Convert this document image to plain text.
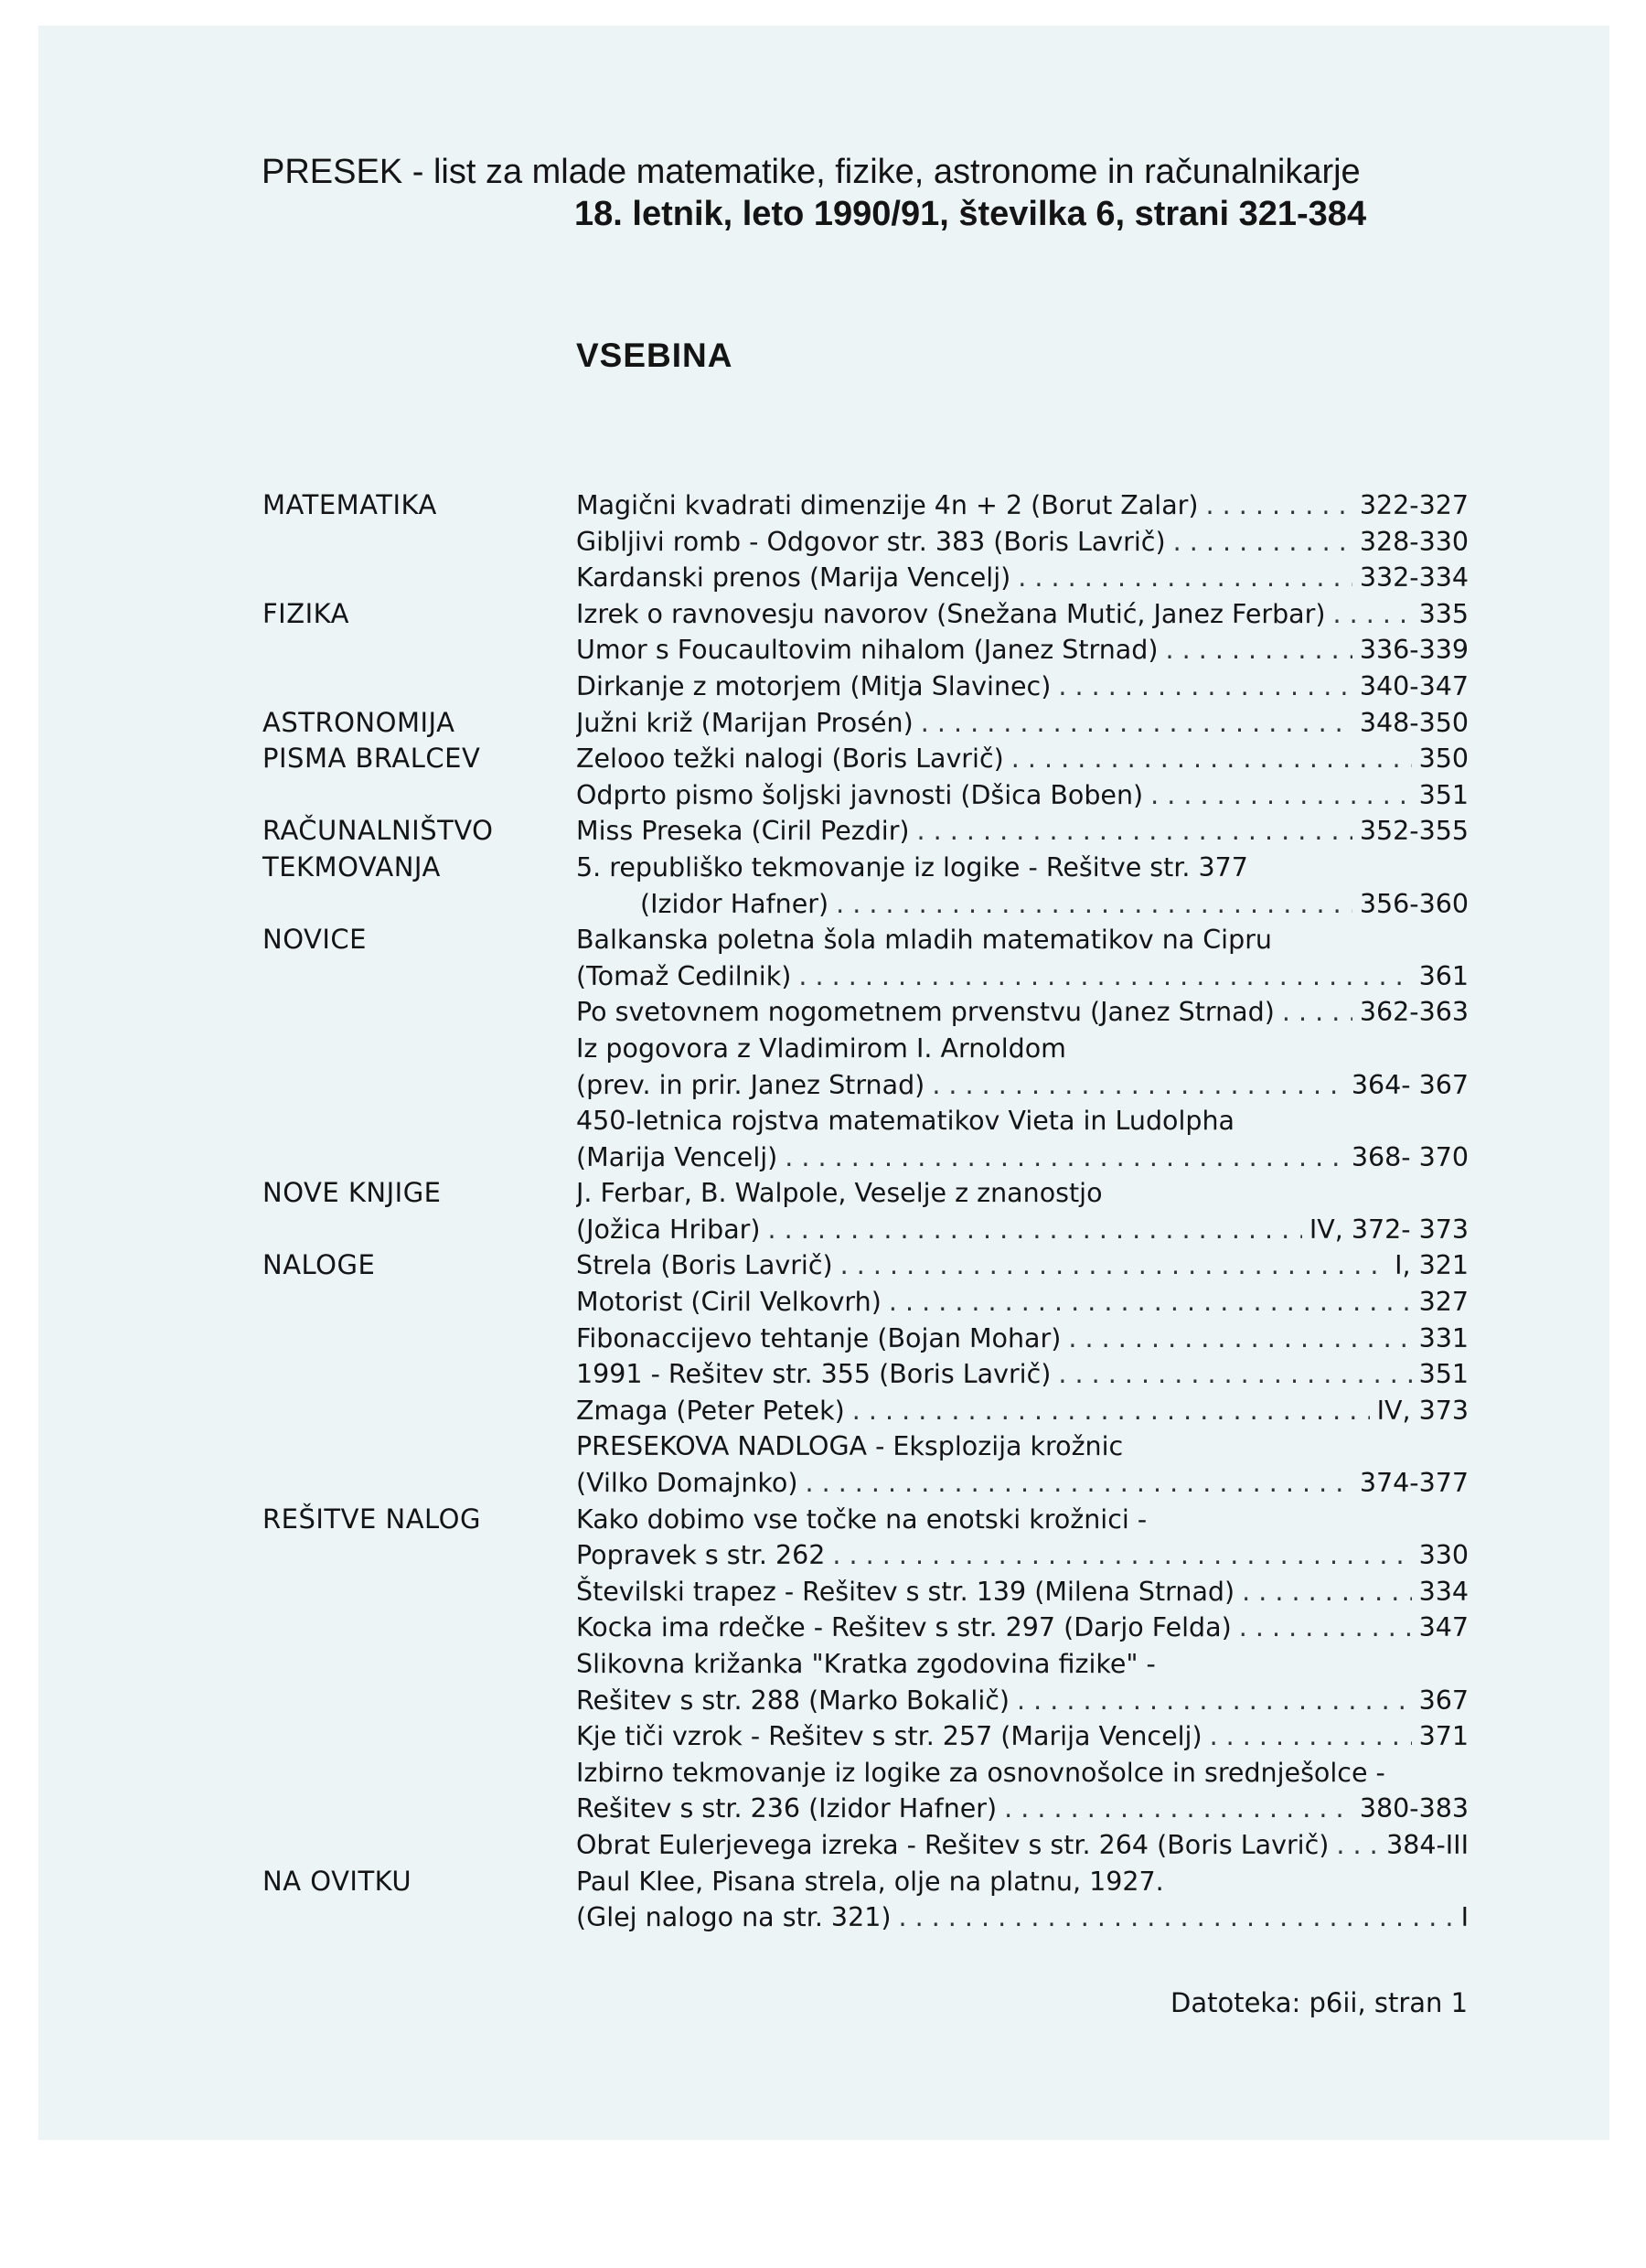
PRESEK - list za mlade matematike, fizike, astronome in računalnikarje
18. letnik, leto 1990/91, številka 6, strani 321-384
VSEBINA
MATEMATIKA	Magični kvadrati dimenzije 4n + 2 (Borut Zalar) . . .	322-327
Gibljivi romb - Odgovor str. 383 (Boris Lavrič) . . .	328-330
Kardanski prenos (Marija Vencelj) . . .	332-334
FIZIKA	Izrek o ravnovesju navorov (Snežana Mutić, Janez Ferbar) . . .	335
Umor s Foucaultovim nihalom (Janez Strnad) . . .	336-339
Dirkanje z motorjem (Mitja Slavinec) . . .	340-347
ASTRONOMIJA	Južni križ (Marijan Prosén) . . .	348-350
PISMA BRALCEV	Zelooo težki nalogi (Boris Lavrič) . . .	350
Odprto pismo šoljski javnosti (Dšica Boben) . . .	351
RAČUNALNIŠTVO	Miss Preseka (Ciril Pezdir) . . .	352-355
TEKMOVANJA	5. republiško tekmovanje iz logike - Rešitve str. 377
(Izidor Hafner) . . .	356-360
NOVICE	Balkanska poletna šola mladih matematikov na Cipru
(Tomaž Cedilnik) . . .	361
Po svetovnem nogometnem prvenstvu (Janez Strnad) . . .	362-363
Iz pogovora z Vladimirom I. Arnoldom
(prev. in prir. Janez Strnad) . . .	364- 367
450-letnica rojstva matematikov Vieta in Ludolpha
(Marija Vencelj) . . .	368- 370
NOVE KNJIGE	J. Ferbar, B. Walpole, Veselje z znanostjo
(Jožica Hribar) . . .	IV, 372- 373
NALOGE	Strela (Boris Lavrič) . . .	I, 321
Motorist (Ciril Velkovrh) . . .	327
Fibonaccijevo tehtanje (Bojan Mohar) . . .	331
1991 - Rešitev str. 355 (Boris Lavrič) . . .	351
Zmaga (Peter Petek) . . .	IV, 373
PRESEKOVA NADLOGA - Eksplozija krožnic
(Vilko Domajnko) . . .	374-377
REŠITVE NALOG	Kako dobimo vse točke na enotski krožnici -
Popravek s str. 262 . . .	330
Številski trapez - Rešitev s str. 139 (Milena Strnad) . . .	334
Kocka ima rdečke - Rešitev s str. 297 (Darjo Felda) . . .	347
Slikovna križanka "Kratka zgodovina fizike" -
Rešitev s str. 288 (Marko Bokalič) . . .	367
Kje tiči vzrok - Rešitev s str. 257 (Marija Vencelj) . . .	371
Izbirno tekmovanje iz logike za osnovnošolce in srednješolce -
Rešitev s str. 236 (Izidor Hafner) . . .	380-383
Obrat Eulerjevega izreka - Rešitev s str. 264 (Boris Lavrič) . . . 384-III
NA OVITKU	Paul Klee, Pisana strela, olje na platnu, 1927.
(Glej nalogo na str. 321) . . .	I
Datoteka: p6ii, stran 1
